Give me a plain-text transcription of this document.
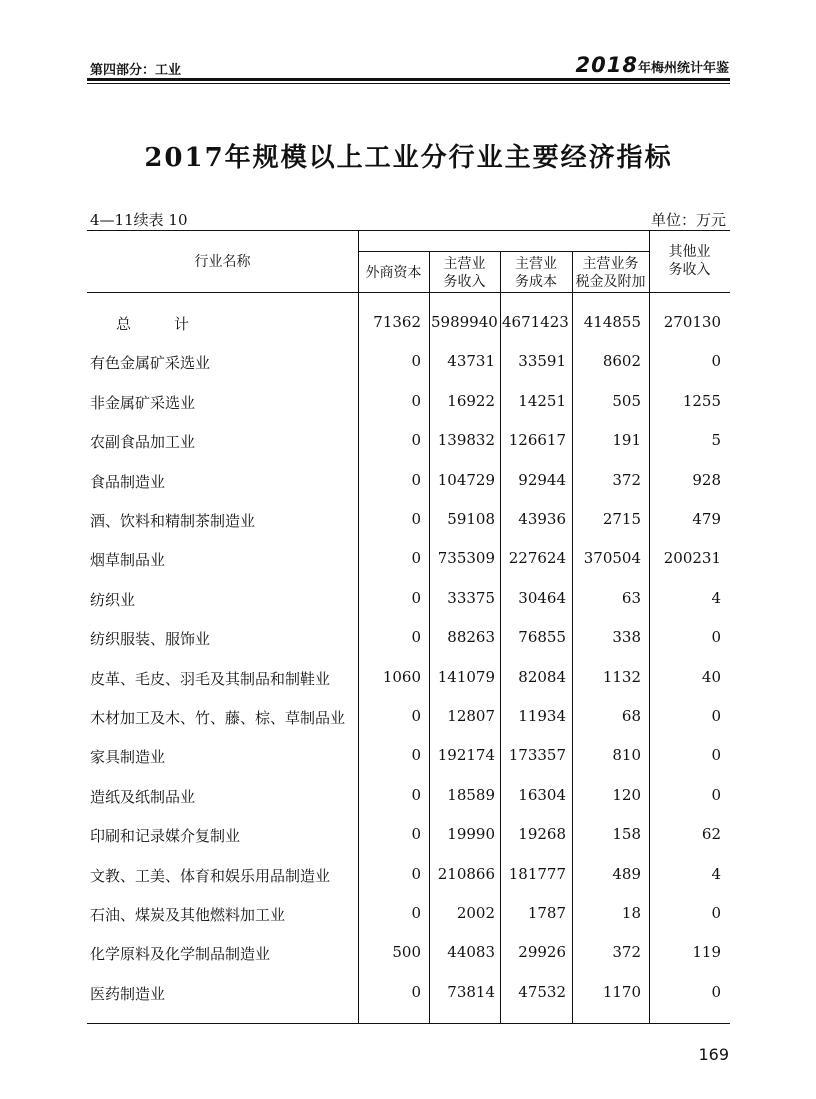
第四部分：工业	2018年梅州统计年鉴
2017年规模以上工业分行业主要经济指标
4—11续表 10	单位：万元
行业名称
外商资本
主营业
务收入
主营业
务成本
主营业务
税金及附加
其他业
务收入
总　计	71362 5989940 4671423 414855	270130
有色金属矿采选业	0	43731	33591	8602	0
非金属矿采选业	0	16922	14251	505	1255
农副食品加工业	0	139832 126617	191	5
食品制造业	0	104729	92944	372	928
酒、饮料和精制茶制造业	0	59108	43936	2715	479
烟草制品业	0	735309 227624	370504	200231
纺织业	0	33375	30464	63	4
纺织服装、服饰业	0	88263	76855	338	0
皮革、毛皮、羽毛及其制品和制鞋业	1060	141079	82084	1132	40
木材加工及木、竹、藤、棕、草制品业	0	12807	11934	68	0
家具制造业	0	192174 173357	810	0
造纸及纸制品业	0	18589	16304	120	0
印刷和记录媒介复制业	0	19990	19268	158	62
文教、工美、体育和娱乐用品制造业	0	210866 181777	489	4
石油、煤炭及其他燃料加工业	0	2002	1787	18	0
化学原料及化学制品制造业	500	44083	29926	372	119
医药制造业	0	73814	47532	1170	0
169
